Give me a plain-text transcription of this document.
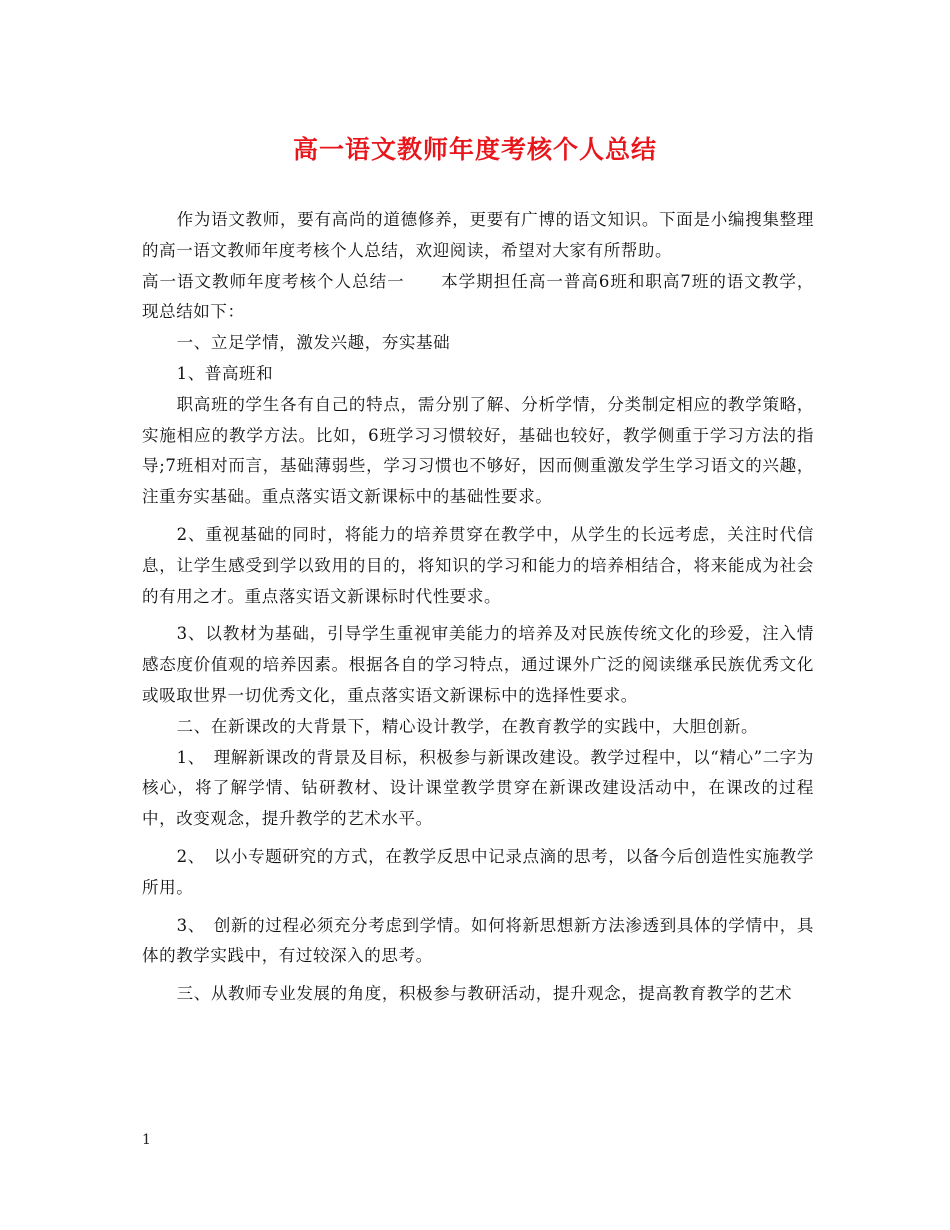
高一语文教师年度考核个人总结

作为语文教师，要有高尚的道德修养，更要有广博的语文知识。下面是小编搜集整理的高一语文教师年度考核个人总结，欢迎阅读，希望对大家有所帮助。

高一语文教师年度考核个人总结一 本学期担任高一普高6班和职高7班的语文教学，现总结如下：

一、立足学情，激发兴趣，夯实基础

1、普高班和

职高班的学生各有自己的特点，需分别了解、分析学情，分类制定相应的教学策略，实施相应的教学方法。比如，6班学习习惯较好，基础也较好，教学侧重于学习方法的指导;7班相对而言，基础薄弱些，学习习惯也不够好，因而侧重激发学生学习语文的兴趣，注重夯实基础。重点落实语文新课标中的基础性要求。

2、重视基础的同时，将能力的培养贯穿在教学中，从学生的长远考虑，关注时代信息，让学生感受到学以致用的目的，将知识的学习和能力的培养相结合，将来能成为社会的有用之才。重点落实语文新课标时代性要求。

3、以教材为基础，引导学生重视审美能力的培养及对民族传统文化的珍爱，注入情感态度价值观的培养因素。根据各自的学习特点，通过课外广泛的阅读继承民族优秀文化或吸取世界一切优秀文化，重点落实语文新课标中的选择性要求。

二、在新课改的大背景下，精心设计教学，在教育教学的实践中，大胆创新。

1、　理解新课改的背景及目标，积极参与新课改建设。教学过程中，以“精心”二字为核心，将了解学情、钻研教材、设计课堂教学贯穿在新课改建设活动中，在课改的过程中，改变观念，提升教学的艺术水平。

2、　以小专题研究的方式，在教学反思中记录点滴的思考，以备今后创造性实施教学所用。

3、　创新的过程必须充分考虑到学情。如何将新思想新方法渗透到具体的学情中，具体的教学实践中，有过较深入的思考。

三、从教师专业发展的角度，积极参与教研活动，提升观念，提高教育教学的艺术

1
